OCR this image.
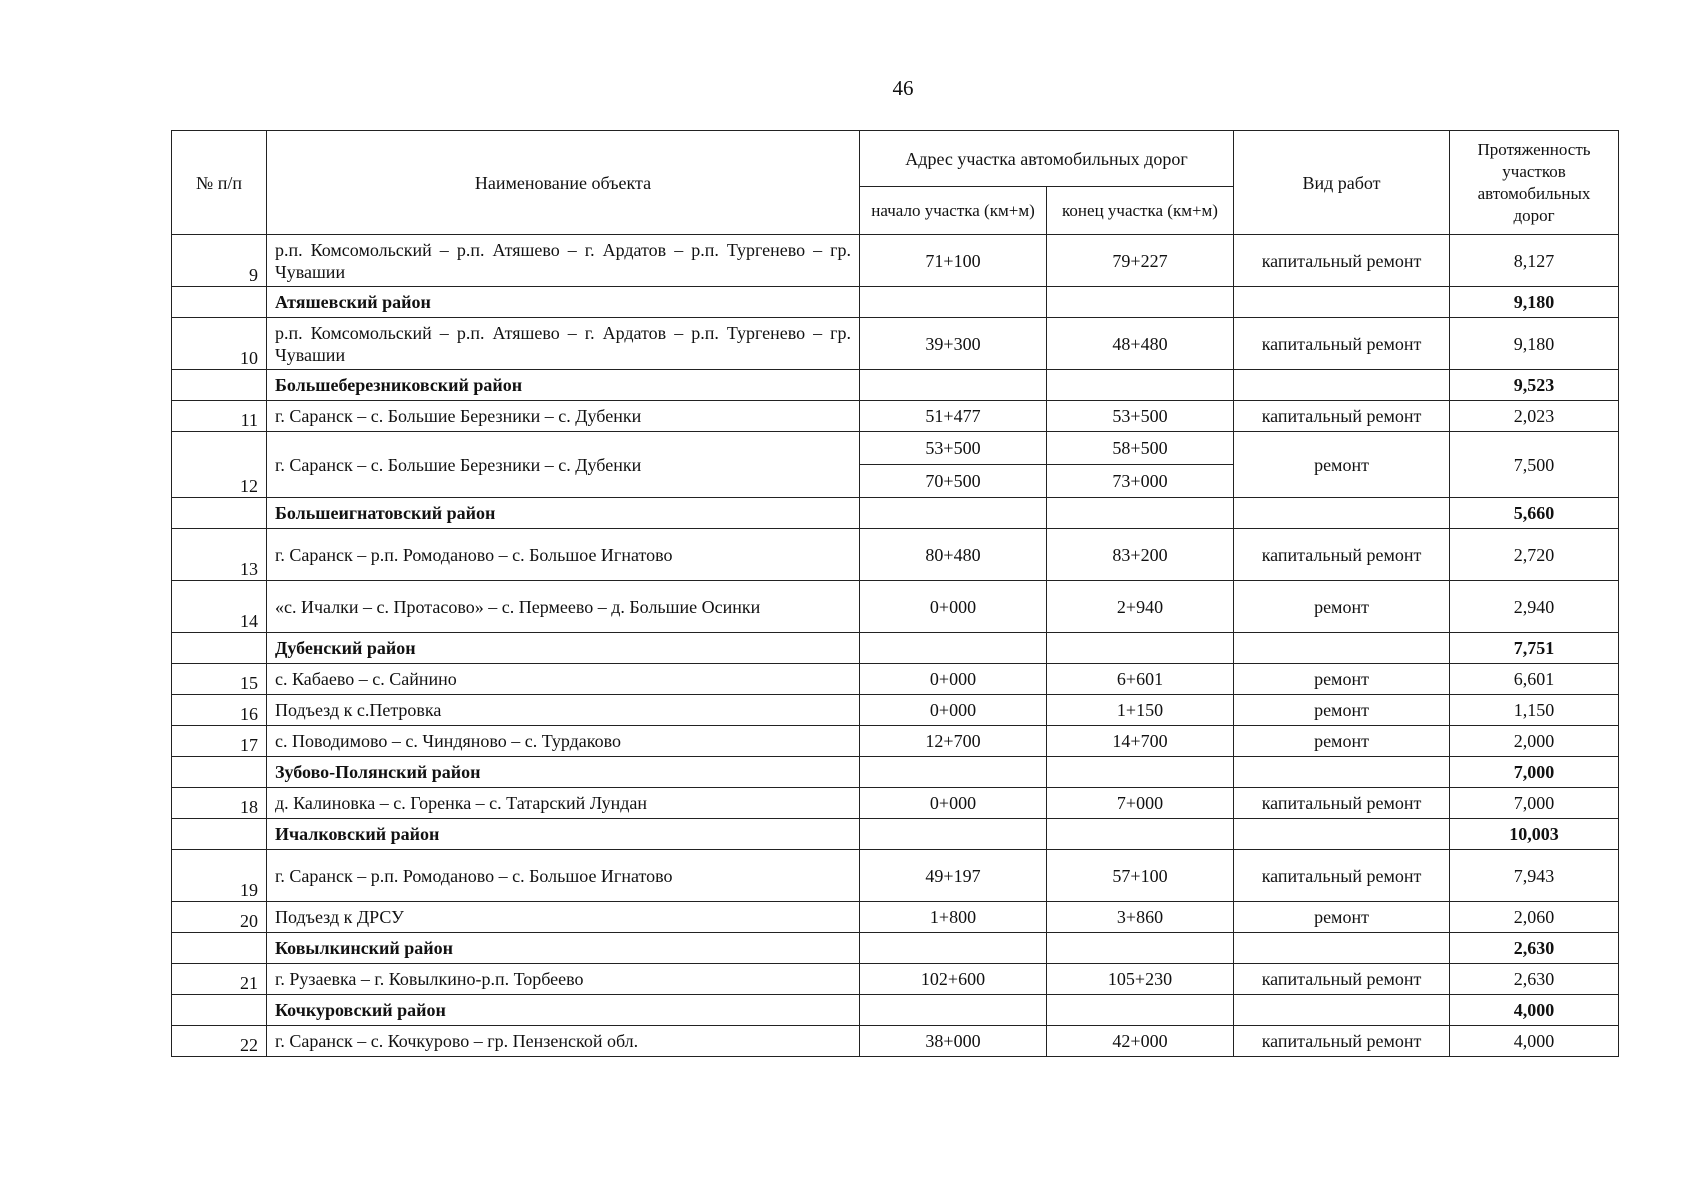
46
№ п/п	Наименование объекта	Адрес участка автомобильных дорог		Вид работ	Протяженность участков автомобильных дорог
		начало участка (км+м)	конец участка (км+м)		
9	р.п. Комсомольский – р.п. Атяшево – г. Ардатов – р.п. Тургенево – гр. Чувашии	71+100	79+227	капитальный ремонт	8,127
	Атяшевский район				9,180
10	р.п. Комсомольский – р.п. Атяшево – г. Ардатов – р.п. Тургенево – гр. Чувашии	39+300	48+480	капитальный ремонт	9,180
	Большеберезниковский район				9,523
11	г. Саранск – с. Большие Березники – с. Дубенки	51+477	53+500	капитальный ремонт	2,023
12	г. Саранск – с. Большие Березники – с. Дубенки	53+500	58+500	ремонт	7,500
		70+500	73+000		
	Большеигнатовский район				5,660
13	г. Саранск – р.п. Ромоданово – с. Большое Игнатово	80+480	83+200	капитальный ремонт	2,720
14	«с. Ичалки – с. Протасово» – с. Пермеево – д. Большие Осинки	0+000	2+940	ремонт	2,940
	Дубенский район				7,751
15	с. Кабаево – с. Сайнино	0+000	6+601	ремонт	6,601
16	Подъезд к с.Петровка	0+000	1+150	ремонт	1,150
17	с. Поводимово – с. Чиндяново – с. Турдаково	12+700	14+700	ремонт	2,000
	Зубово-Полянский район				7,000
18	д. Калиновка – с. Горенка – с. Татарский Лундан	0+000	7+000	капитальный ремонт	7,000
	Ичалковский район				10,003
19	г. Саранск – р.п. Ромоданово – с. Большое Игнатово	49+197	57+100	капитальный ремонт	7,943
20	Подъезд к ДРСУ	1+800	3+860	ремонт	2,060
	Ковылкинский район				2,630
21	г. Рузаевка – г. Ковылкино-р.п. Торбеево	102+600	105+230	капитальный ремонт	2,630
	Кочкуровский район				4,000
22	г. Саранск – с. Кочкурово – гр. Пензенской обл.	38+000	42+000	капитальный ремонт	4,000
